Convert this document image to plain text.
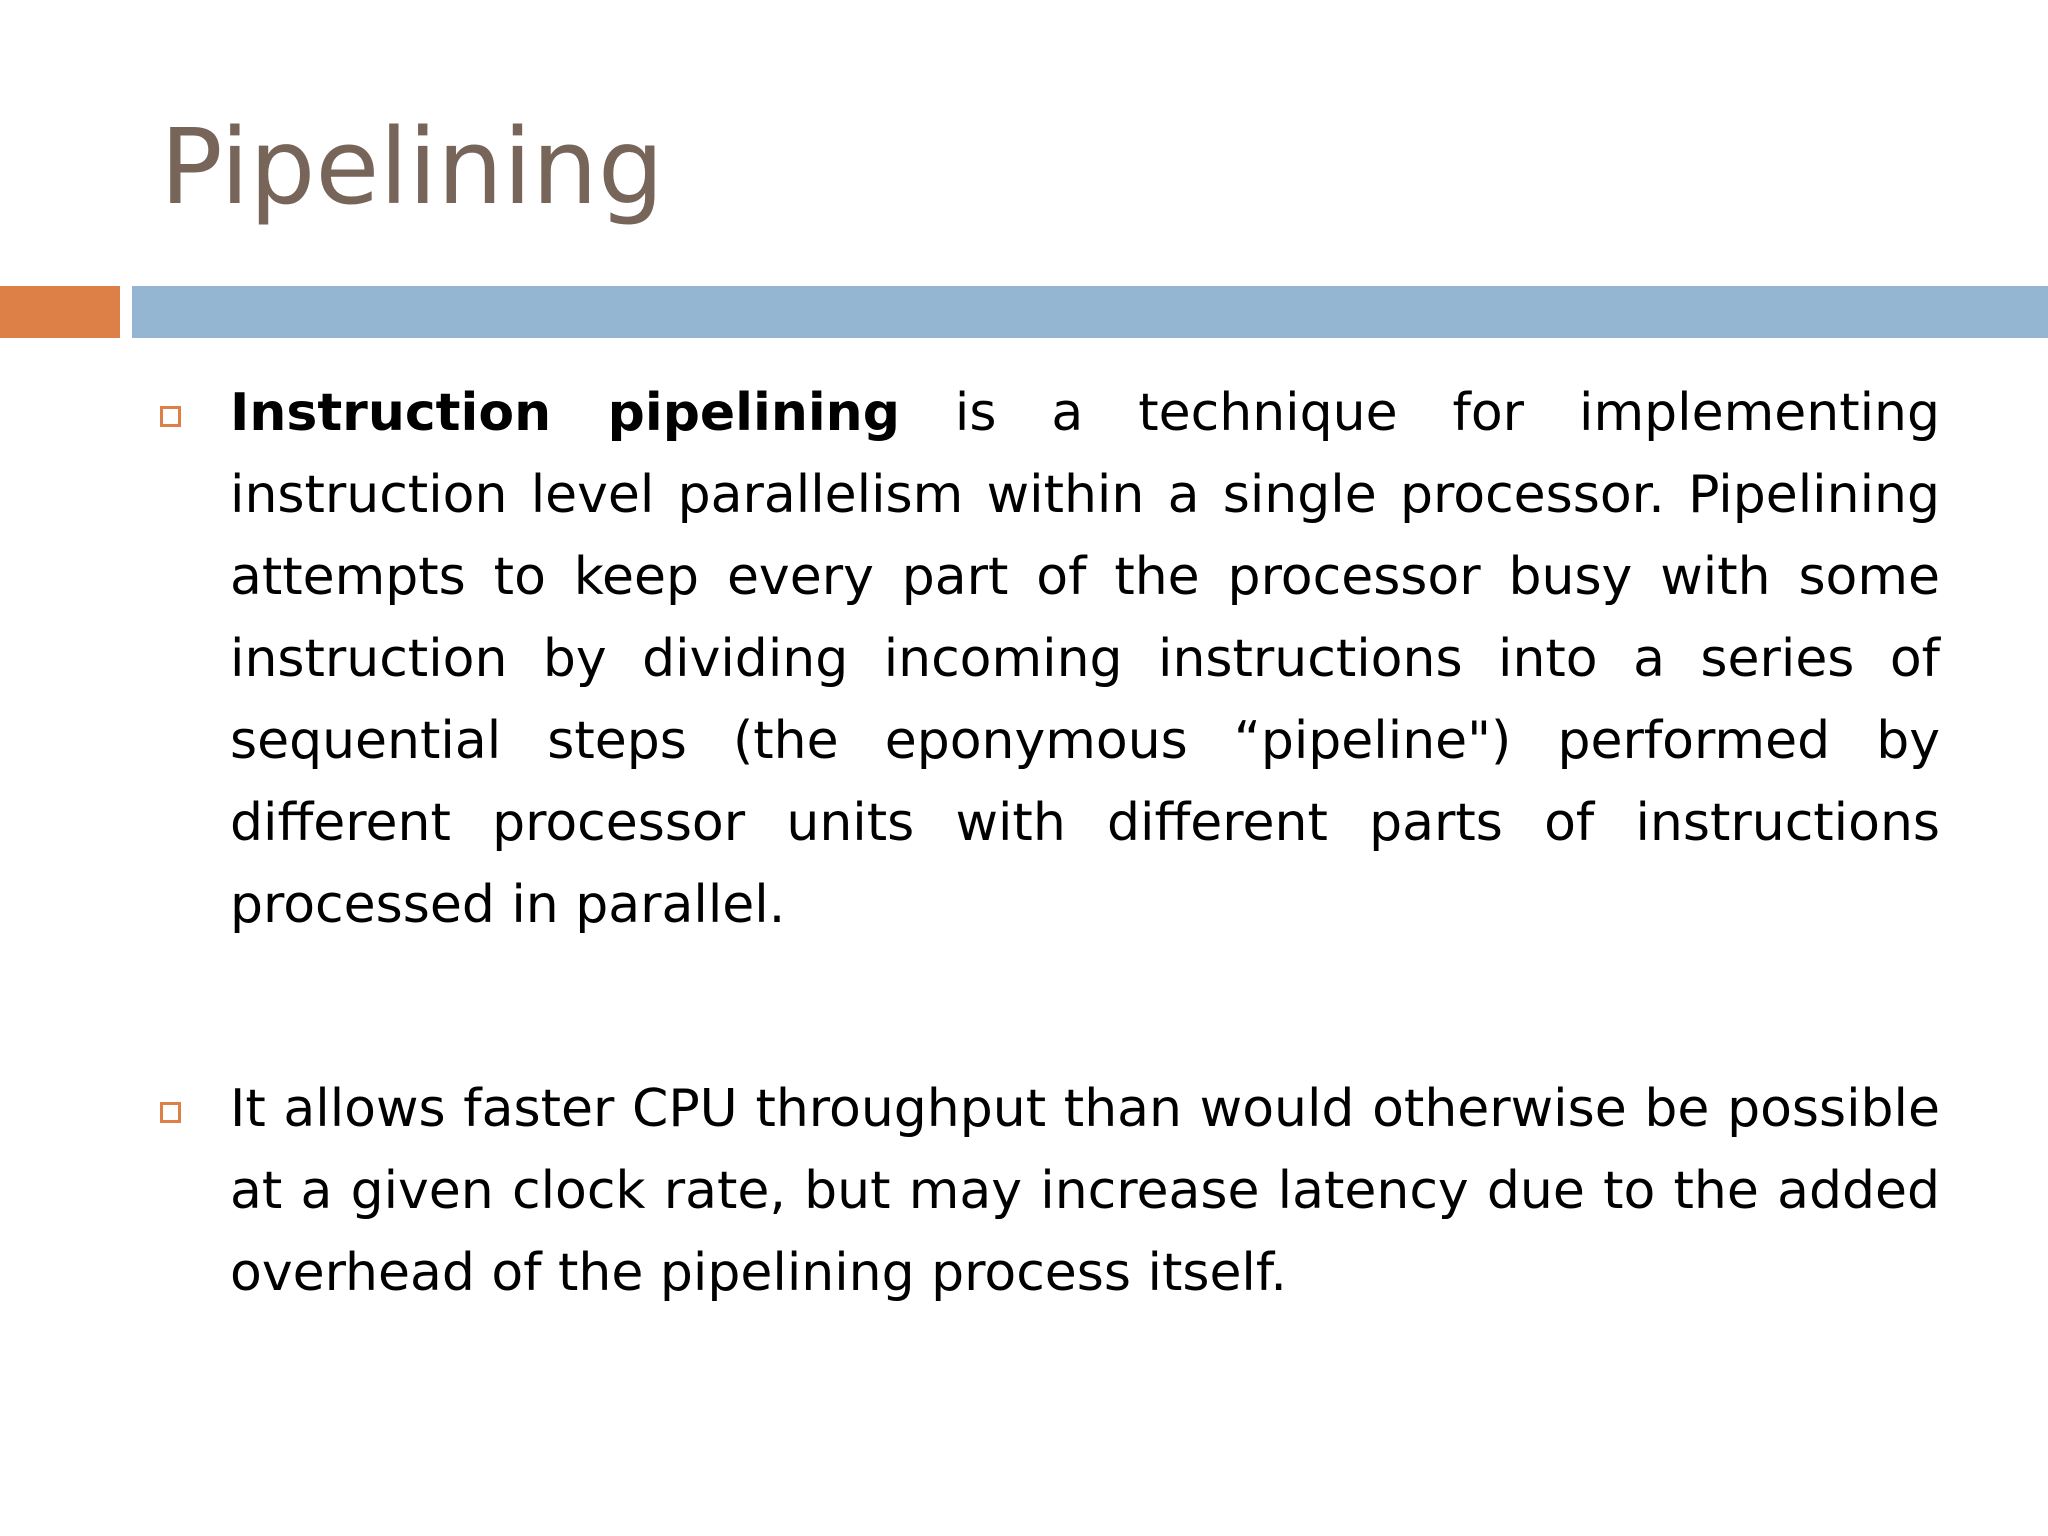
Pipelining
Instruction pipelining is a technique for implementing instruction level parallelism within a single processor. Pipelining attempts to keep every part of the processor busy with some instruction by dividing incoming instructions into a series of sequential steps (the eponymous “pipeline") performed by different processor units with different parts of instructions processed in parallel.
It allows faster CPU throughput than would otherwise be possible at a given clock rate, but may increase latency due to the added overhead of the pipelining process itself.
